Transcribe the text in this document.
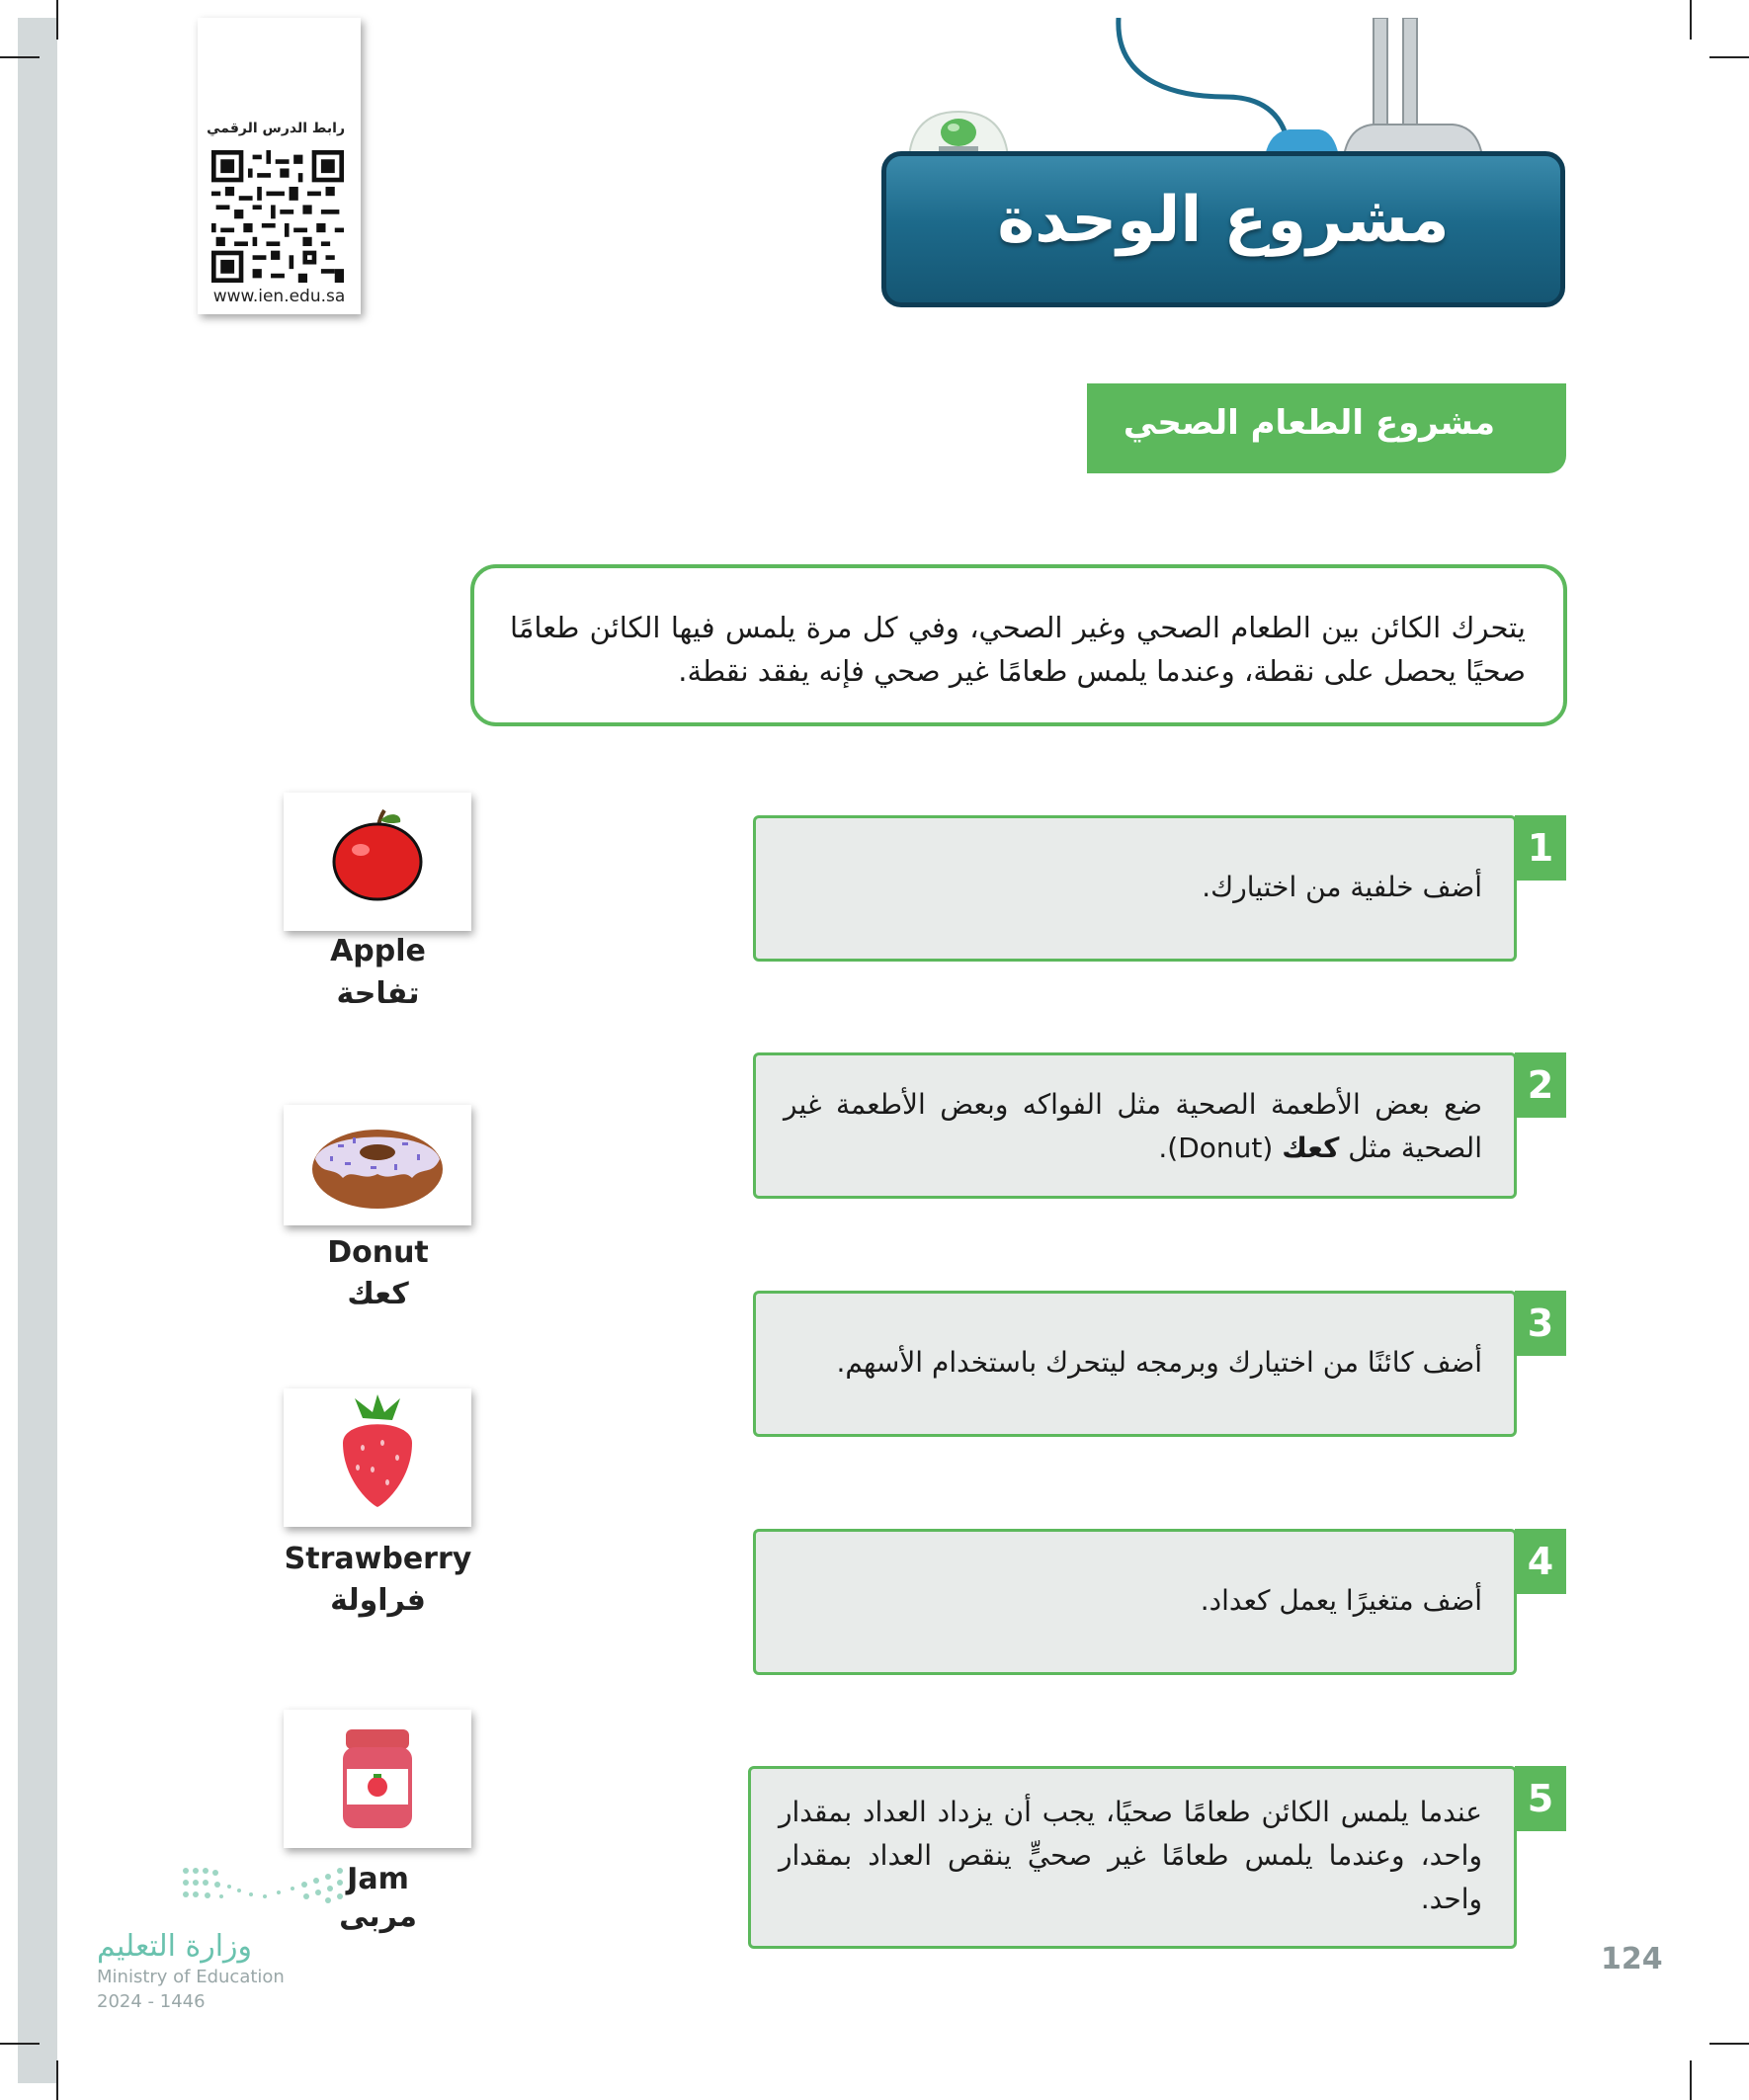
رابط الدرس الرقمي
www.ien.edu.sa
مشروع الوحدة
مشروع الطعام الصحي
يتحرك الكائن بين الطعام الصحي وغير الصحي، وفي كل مرة يلمس فيها الكائن طعامًا صحيًا يحصل على نقطة، وعندما يلمس طعامًا غير صحي فإنه يفقد نقطة.
أضف خلفية من اختيارك.
1
ضع بعض الأطعمة الصحية مثل الفواكه وبعض الأطعمة غير الصحية مثل كعك (Donut).
2
أضف كائنًا من اختيارك وبرمجه ليتحرك باستخدام الأسهم.
3
أضف متغيرًا يعمل كعداد.
4
عندما يلمس الكائن طعامًا صحيًا، يجب أن يزداد العداد بمقدار واحد، وعندما يلمس طعامًا غير صحيٍّ ينقص العداد بمقدار واحد.
5
Apple
تفاحة
Donut
كعك
Strawberry
فراولة
Jam
مربى
وزارة التعليم
Ministry of Education
2024 - 1446
124
